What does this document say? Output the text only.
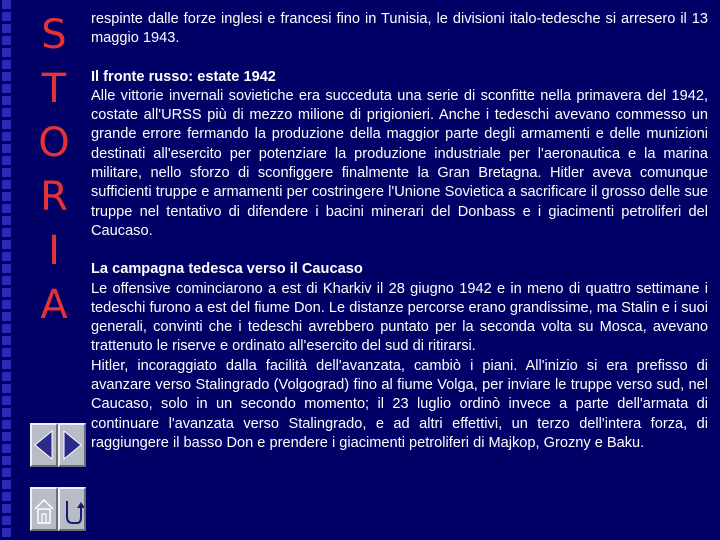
S
T
O
R
I
A

respinte dalle forze inglesi e francesi fino in Tunisia, le divisioni italo-tedesche si arresero il 13 maggio 1943.

Il fronte russo: estate 1942

Alle vittorie invernali sovietiche era succeduta una serie di sconfitte nella primavera del 1942, costate all'URSS più di mezzo milione di prigionieri. Anche i tedeschi avevano commesso un grande errore fermando la produzione della maggior parte degli armamenti e delle munizioni destinati all'esercito per potenziare la produzione industriale per l'aeronautica e la marina militare, nello sforzo di sconfiggere finalmente la Gran Bretagna. Hitler aveva comunque sufficienti truppe e armamenti per costringere l'Unione Sovietica a sacrificare il grosso delle sue truppe nel tentativo di difendere i bacini minerari del Donbass e i giacimenti petroliferi del Caucaso.

La campagna tedesca verso il Caucaso

Le offensive cominciarono a est di Kharkiv il 28 giugno 1942 e in meno di quattro settimane i tedeschi furono a est del fiume Don. Le distanze percorse erano grandissime, ma Stalin e i suoi generali, convinti che i tedeschi avrebbero puntato per la seconda volta su Mosca, avevano trattenuto le riserve e ordinato all'esercito del sud di ritirarsi.

Hitler, incoraggiato dalla facilità dell'avanzata, cambiò i piani. All'inizio si era prefisso di avanzare verso Stalingrado (Volgograd) fino al fiume Volga, per inviare le truppe verso sud, nel Caucaso, solo in un secondo momento; il 23 luglio ordinò invece a parte dell'armata di continuare l'avanzata verso Stalingrado, e ad altri effettivi, un terzo dell'intera forza, di raggiungere il basso Don e prendere i giacimenti petroliferi di Majkop, Grozny e Baku.
